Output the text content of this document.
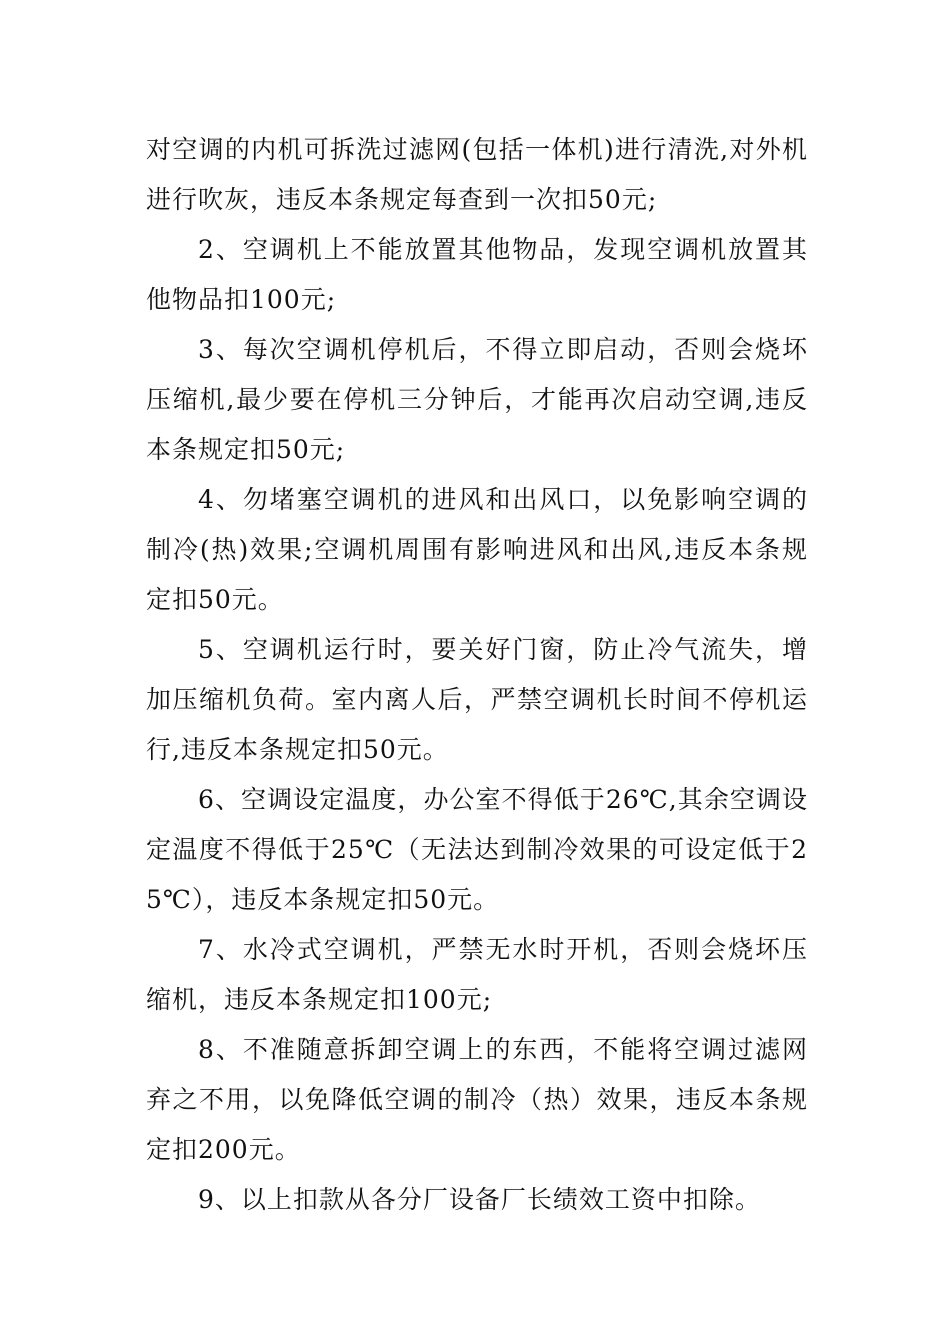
对空调的内机可拆洗过滤网(包括一体机)进行清洗,对外机进行吹灰，违反本条规定每查到一次扣50元;

2、空调机上不能放置其他物品，发现空调机放置其他物品扣100元;

3、每次空调机停机后，不得立即启动，否则会烧坏压缩机,最少要在停机三分钟后，才能再次启动空调,违反本条规定扣50元;

4、勿堵塞空调机的进风和出风口，以免影响空调的制冷(热)效果;空调机周围有影响进风和出风,违反本条规定扣50元。

5、空调机运行时，要关好门窗，防止冷气流失，增加压缩机负荷。室内离人后，严禁空调机长时间不停机运行,违反本条规定扣50元。

6、空调设定温度，办公室不得低于26℃,其余空调设定温度不得低于25℃（无法达到制冷效果的可设定低于25℃），违反本条规定扣50元。

7、水冷式空调机，严禁无水时开机，否则会烧坏压缩机，违反本条规定扣100元;

8、不准随意拆卸空调上的东西，不能将空调过滤网弃之不用，以免降低空调的制冷（热）效果，违反本条规定扣200元。

9、以上扣款从各分厂设备厂长绩效工资中扣除。
